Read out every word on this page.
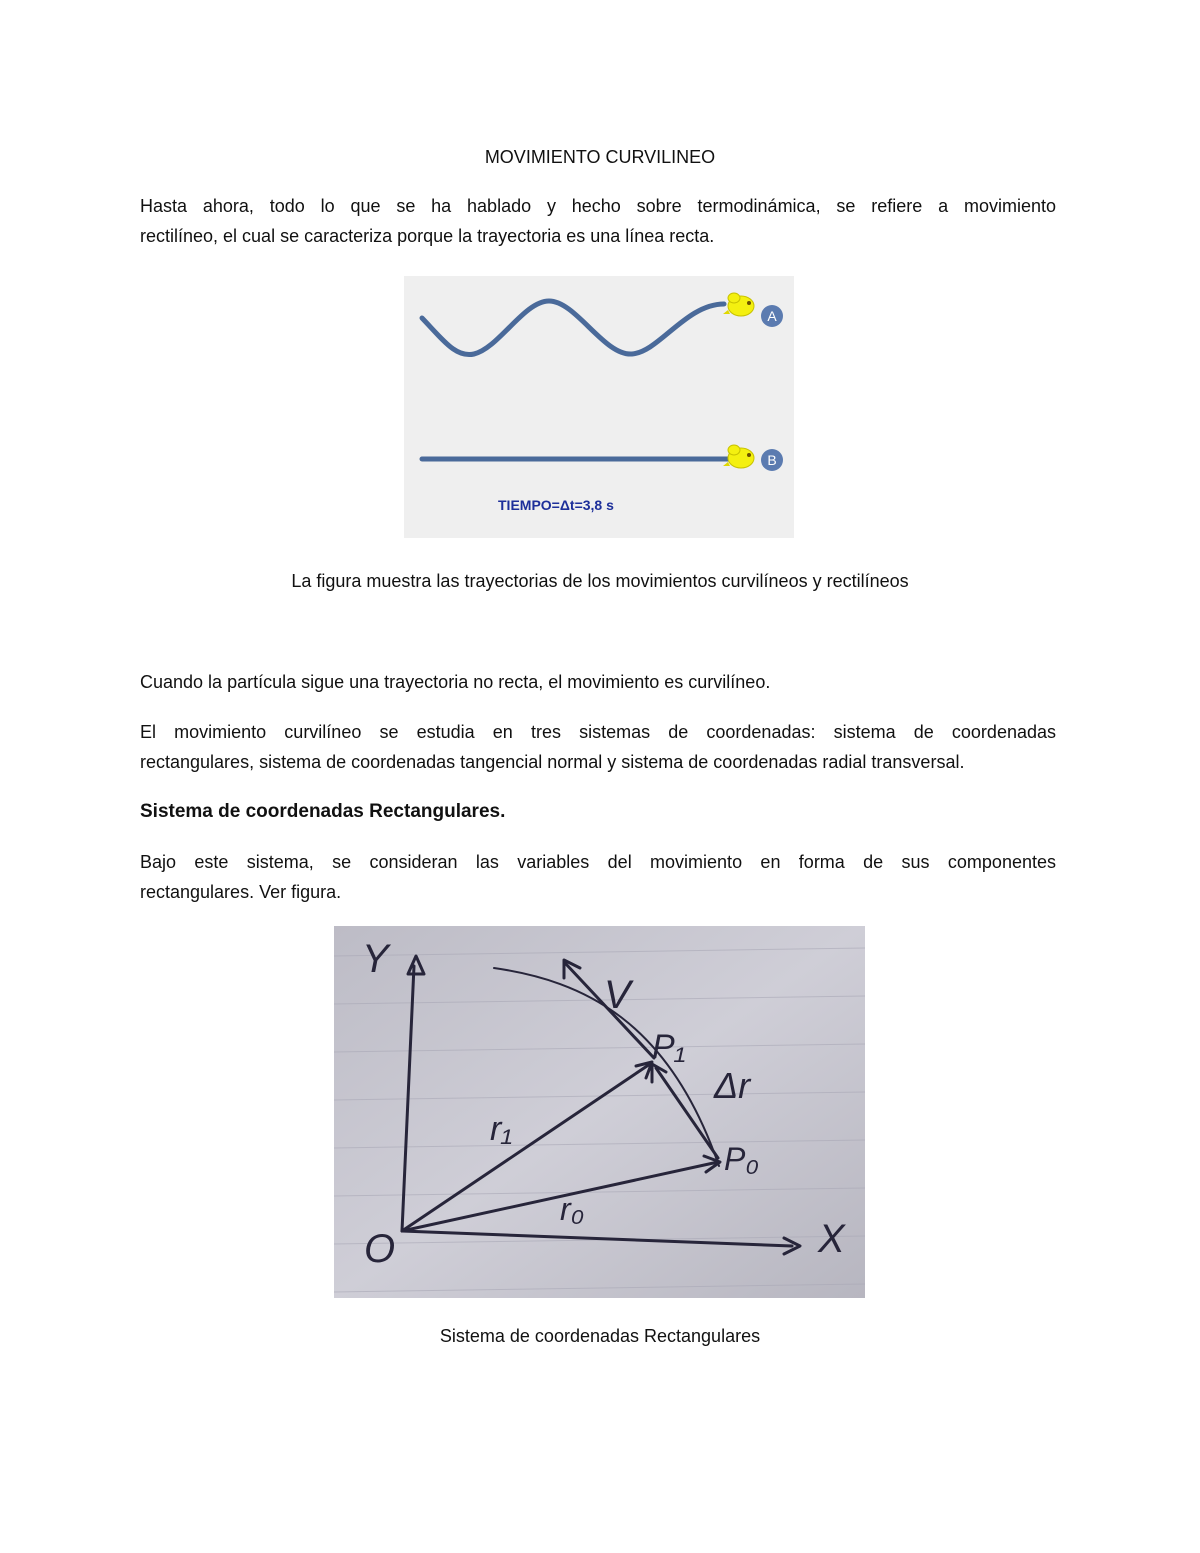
MOVIMIENTO CURVILINEO
Hasta ahora, todo lo que se ha hablado y hecho sobre termodinámica, se refiere a movimiento
rectilíneo, el cual se caracteriza porque la trayectoria es una línea recta.
A
B
TIEMPO=Δt=3,8 s
La figura muestra las trayectorias de los movimientos curvilíneos y rectilíneos
Cuando la partícula sigue una trayectoria no recta, el movimiento es curvilíneo.
El movimiento curvilíneo se estudia en tres sistemas de coordenadas: sistema de coordenadas
rectangulares, sistema de coordenadas tangencial normal y sistema de coordenadas radial transversal.
Sistema de coordenadas Rectangulares.
Bajo este sistema, se consideran las variables del movimiento en forma de sus componentes
rectangulares. Ver figura.
Y
X
O
V
P₁
P₀
r₁
r₀
Δr
Sistema de coordenadas Rectangulares
